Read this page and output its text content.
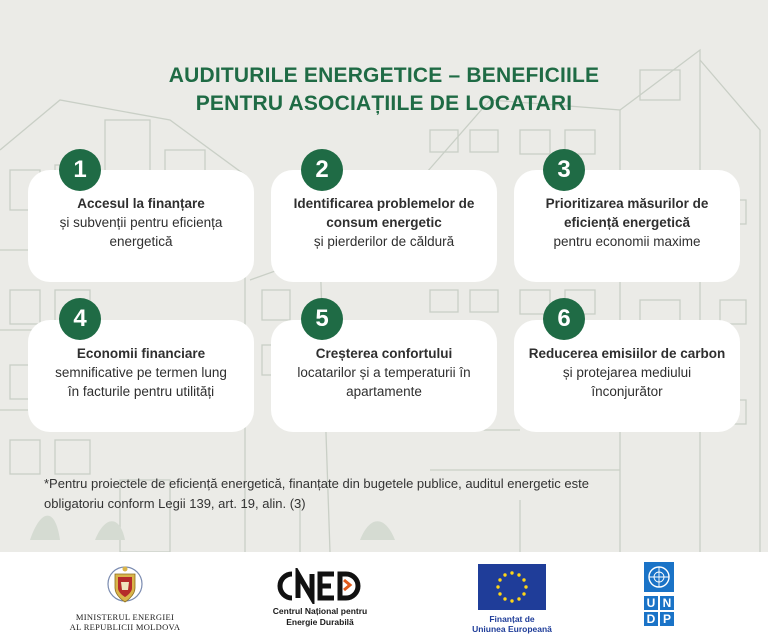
AUDITURILE ENERGETICE – BENEFICIILE
PENTRU ASOCIAȚIILE DE LOCATARI
Accesul la finanțare
și subvenții pentru eficiența
energetică
1
Identificarea problemelor de
consum energetic
și pierderilor de căldură
2
Prioritizarea măsurilor de
eficiență energetică
pentru economii maxime
3
Economii financiare
semnificative pe termen lung
în facturile pentru utilități
4
Creșterea confortului
locatarilor și a temperaturii în
apartamente
5
Reducerea emisiilor de carbon
și protejarea mediului
înconjurător
6
*Pentru proiectele de eficiență energetică, finanțate din bugetele publice, auditul energetic este
obligatoriu conform Legii 139, art. 19, alin. (3)
MINISTERUL ENERGIEI
AL REPUBLICII MOLDOVA
Centrul Național pentru
Energie Durabilă	Finanțat de
Uniunea Europeană
U N
D P
